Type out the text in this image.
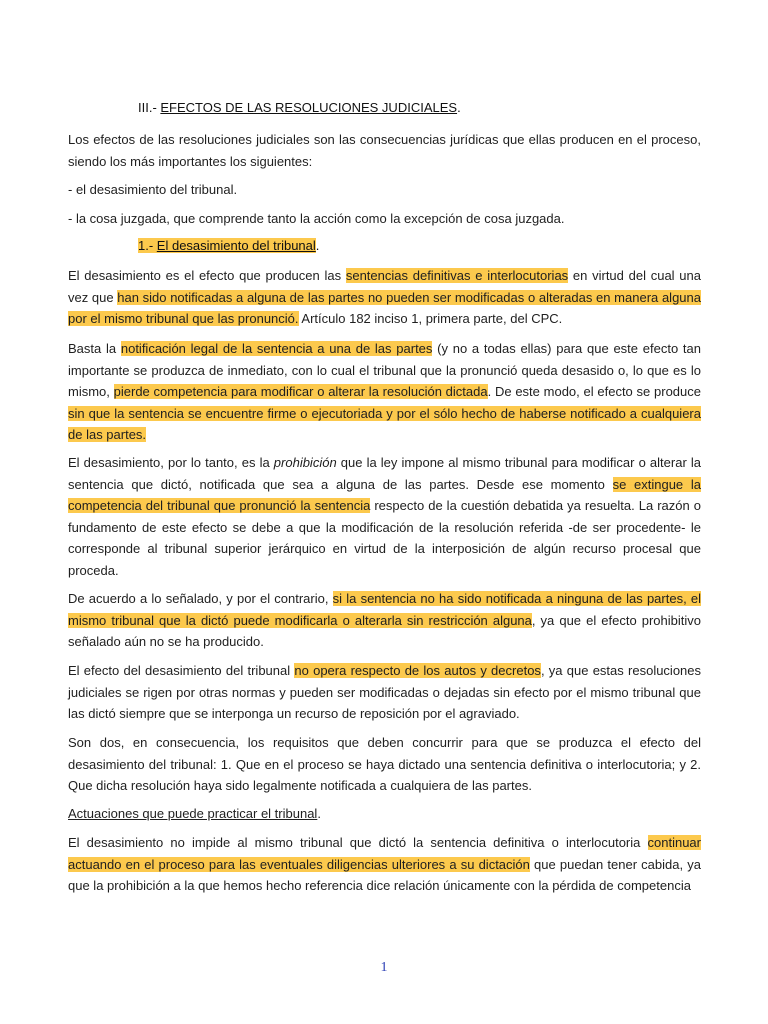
III.- EFECTOS DE LAS RESOLUCIONES JUDICIALES.

Los efectos de las resoluciones judiciales son las consecuencias jurídicas que ellas producen en el proceso, siendo los más importantes los siguientes:

- el desasimiento del tribunal.

- la cosa juzgada, que comprende tanto la acción como la excepción de cosa juzgada.

1.- El desasimiento del tribunal.

El desasimiento es el efecto que producen las sentencias definitivas e interlocutorias en virtud del cual una vez que han sido notificadas a alguna de las partes no pueden ser modificadas o alteradas en manera alguna por el mismo tribunal que las pronunció. Artículo 182 inciso 1, primera parte, del CPC.

Basta la notificación legal de la sentencia a una de las partes (y no a todas ellas) para que este efecto tan importante se produzca de inmediato, con lo cual el tribunal que la pronunció queda desasido o, lo que es lo mismo, pierde competencia para modificar o alterar la resolución dictada. De este modo, el efecto se produce sin que la sentencia se encuentre firme o ejecutoriada y por el sólo hecho de haberse notificado a cualquiera de las partes.

El desasimiento, por lo tanto, es la prohibición que la ley impone al mismo tribunal para modificar o alterar la sentencia que dictó, notificada que sea a alguna de las partes. Desde ese momento se extingue la competencia del tribunal que pronunció la sentencia respecto de la cuestión debatida ya resuelta. La razón o fundamento de este efecto se debe a que la modificación de la resolución referida -de ser procedente- le corresponde al tribunal superior jerárquico en virtud de la interposición de algún recurso procesal que proceda.

De acuerdo a lo señalado, y por el contrario, si la sentencia no ha sido notificada a ninguna de las partes, el mismo tribunal que la dictó puede modificarla o alterarla sin restricción alguna, ya que el efecto prohibitivo señalado aún no se ha producido.

El efecto del desasimiento del tribunal no opera respecto de los autos y decretos, ya que estas resoluciones judiciales se rigen por otras normas y pueden ser modificadas o dejadas sin efecto por el mismo tribunal que las dictó siempre que se interponga un recurso de reposición por el agraviado.

Son dos, en consecuencia, los requisitos que deben concurrir para que se produzca el efecto del desasimiento del tribunal: 1. Que en el proceso se haya dictado una sentencia definitiva o interlocutoria; y 2. Que dicha resolución haya sido legalmente notificada a cualquiera de las partes.

Actuaciones que puede practicar el tribunal.

El desasimiento no impide al mismo tribunal que dictó la sentencia definitiva o interlocutoria continuar actuando en el proceso para las eventuales diligencias ulteriores a su dictación que puedan tener cabida, ya que la prohibición a la que hemos hecho referencia dice relación únicamente con la pérdida de competencia

1
